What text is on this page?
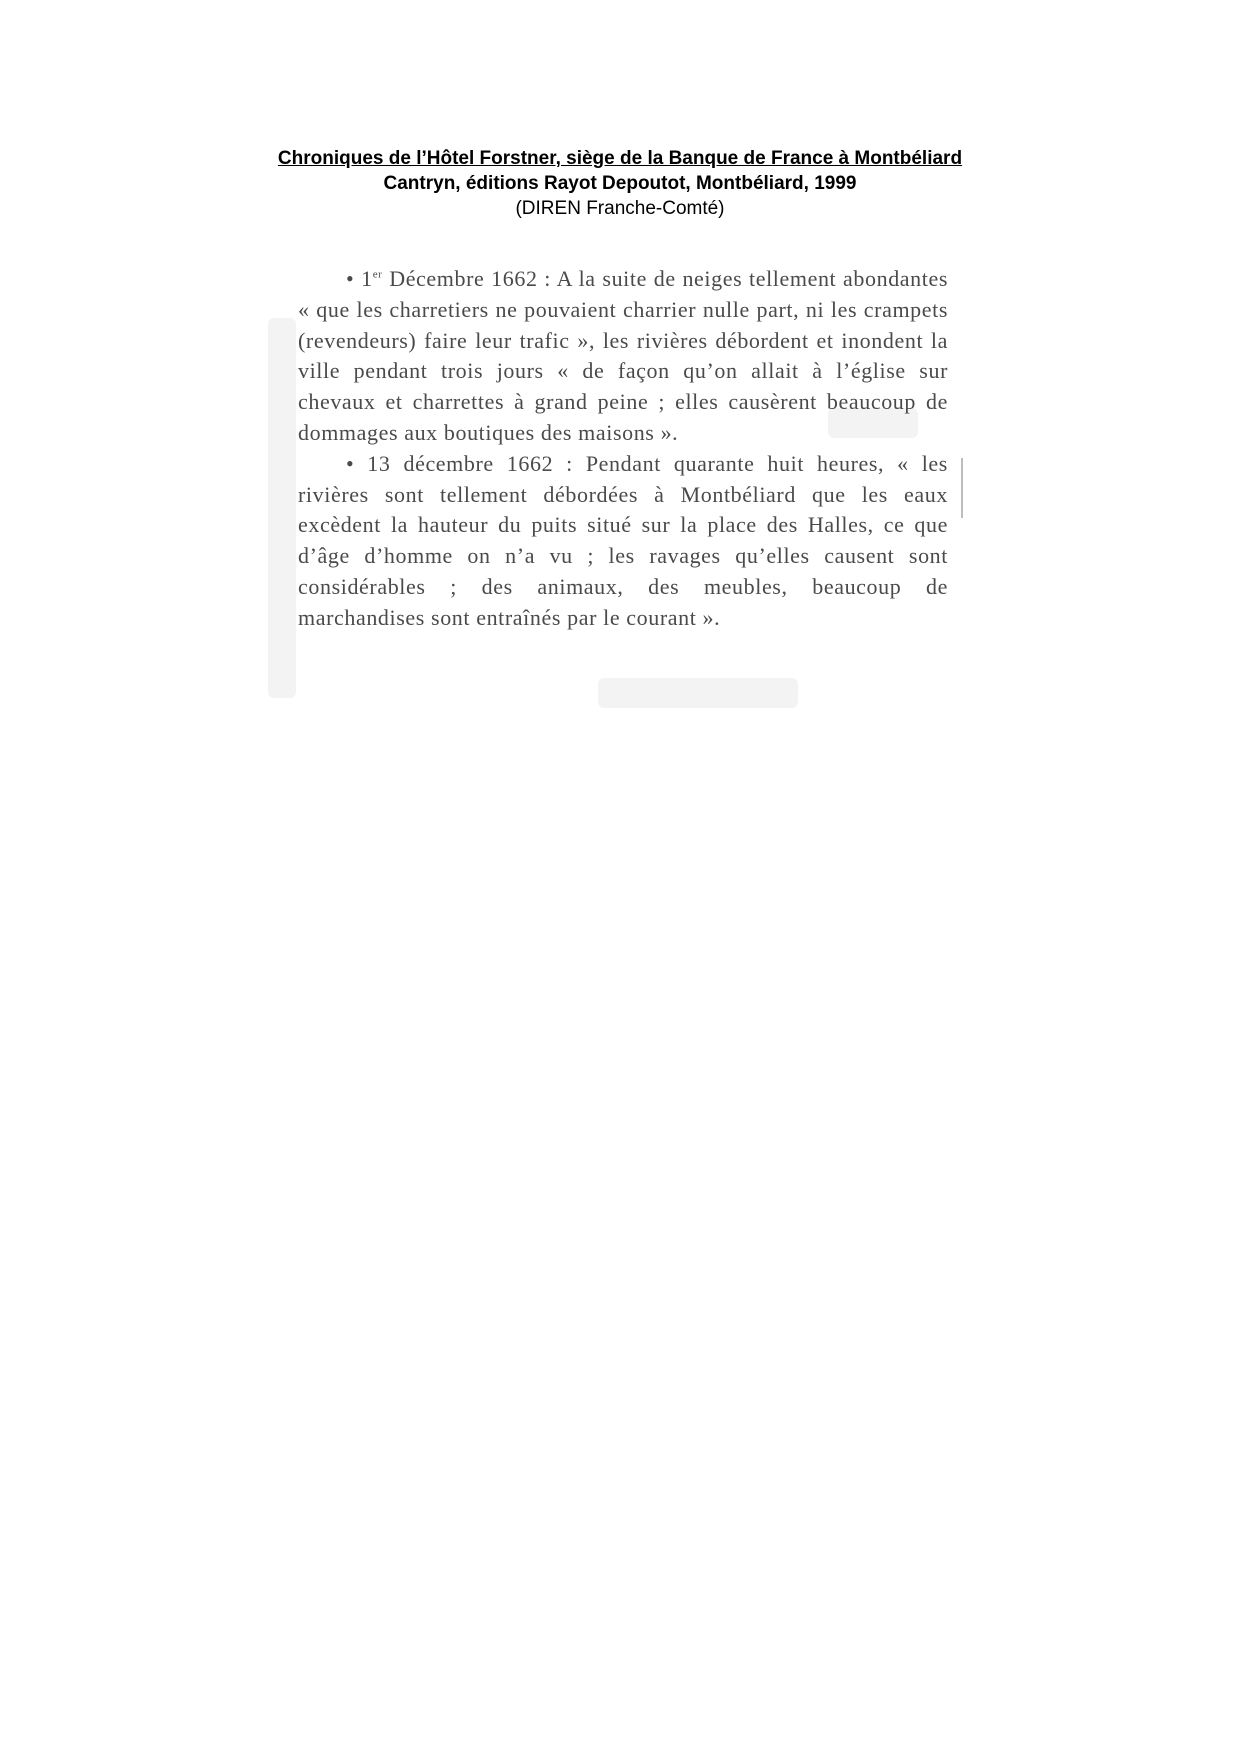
Chroniques de l’Hôtel Forstner, siège de la Banque de France à Montbéliard
Cantryn, éditions Rayot Depoutot, Montbéliard, 1999
(DIREN Franche-Comté)

• 1er Décembre 1662 : A la suite de neiges tellement abondantes « que les charretiers ne pouvaient charrier nulle part, ni les crampets (revendeurs) faire leur trafic », les rivières débordent et inondent la ville pendant trois jours « de façon qu’on allait à l’église sur chevaux et charrettes à grand peine ; elles causèrent beaucoup de dommages aux boutiques des maisons ».

• 13 décembre 1662 : Pendant quarante huit heures, « les rivières sont tellement débordées à Montbéliard que les eaux excèdent la hauteur du puits situé sur la place des Halles, ce que d’âge d’homme on n’a vu ; les ravages qu’elles causent sont considérables ; des animaux, des meubles, beaucoup de marchandises sont entraînés par le courant ».
